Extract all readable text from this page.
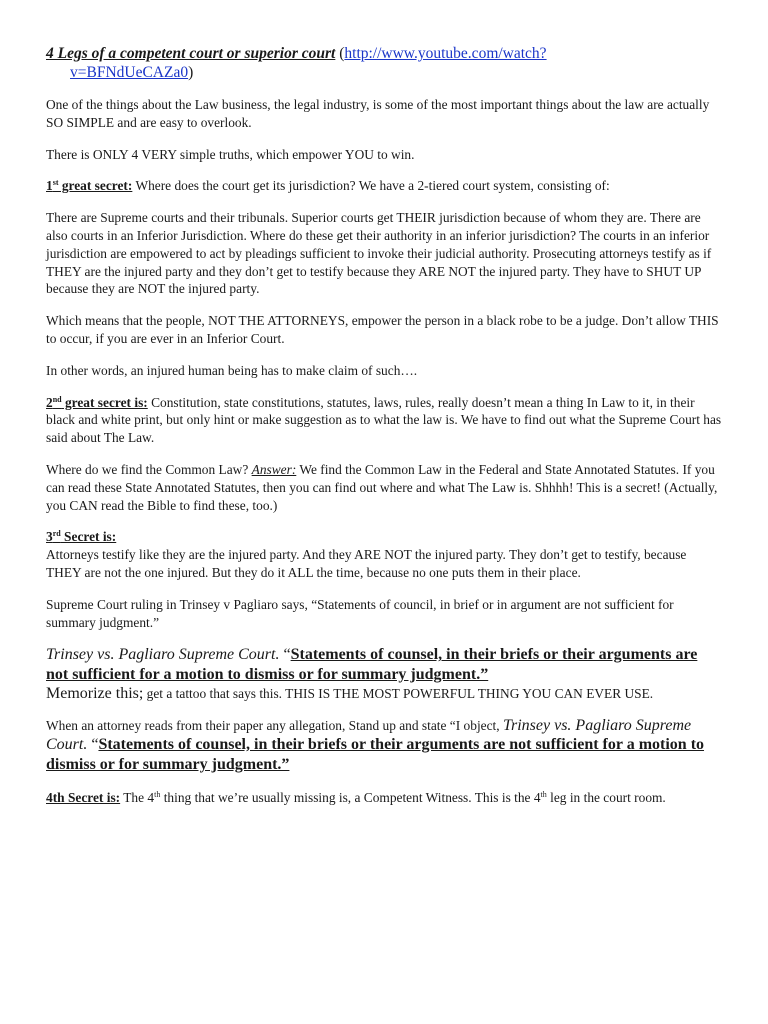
4 Legs of a competent court or superior court (http://www.youtube.com/watch?

v=BFNdUeCAZa0)

One of the things about the Law business, the legal industry, is some of the most important things about the law are actually SO SIMPLE and are easy to overlook.

There is ONLY 4 VERY simple truths, which empower YOU to win.

1st great secret: Where does the court get its jurisdiction? We have a 2-tiered court system, consisting of:

There are Supreme courts and their tribunals. Superior courts get THEIR jurisdiction because of whom they are. There are also courts in an Inferior Jurisdiction. Where do these get their authority in an inferior jurisdiction? The courts in an inferior jurisdiction are empowered to act by pleadings sufficient to invoke their judicial authority. Prosecuting attorneys testify as if THEY are the injured party and they don’t get to testify because they ARE NOT the injured party. They have to SHUT UP because they are NOT the injured party.

Which means that the people, NOT THE ATTORNEYS, empower the person in a black robe to be a judge. Don’t allow THIS to occur, if you are ever in an Inferior Court.

In other words, an injured human being has to make claim of such….

2nd great secret is: Constitution, state constitutions, statutes, laws, rules, really doesn’t mean a thing In Law to it, in their black and white print, but only hint or make suggestion as to what the law is. We have to find out what the Supreme Court has said about The Law.

Where do we find the Common Law? Answer: We find the Common Law in the Federal and State Annotated Statutes. If you can read these State Annotated Statutes, then you can find out where and what The Law is. Shhhh! This is a secret! (Actually, you CAN read the Bible to find these, too.)

3rd Secret is:

Attorneys testify like they are the injured party. And they ARE NOT the injured party. They don’t get to testify, because THEY are not the one injured. But they do it ALL the time, because no one puts them in their place.

Supreme Court ruling in Trinsey v Pagliaro says, “Statements of council, in brief or in argument are not sufficient for summary judgment.”

Trinsey vs. Pagliaro Supreme Court. “Statements of counsel, in their briefs or their arguments are not sufficient for a motion to dismiss or for summary judgment.”

Memorize this; get a tattoo that says this. THIS IS THE MOST POWERFUL THING YOU CAN EVER USE.

When an attorney reads from their paper any allegation, Stand up and state “I object, Trinsey vs. Pagliaro Supreme Court. “Statements of counsel, in their briefs or their arguments are not sufficient for a motion to dismiss or for summary judgment.”

4th Secret is: The 4th thing that we’re usually missing is, a Competent Witness. This is the 4th leg in the court room.
